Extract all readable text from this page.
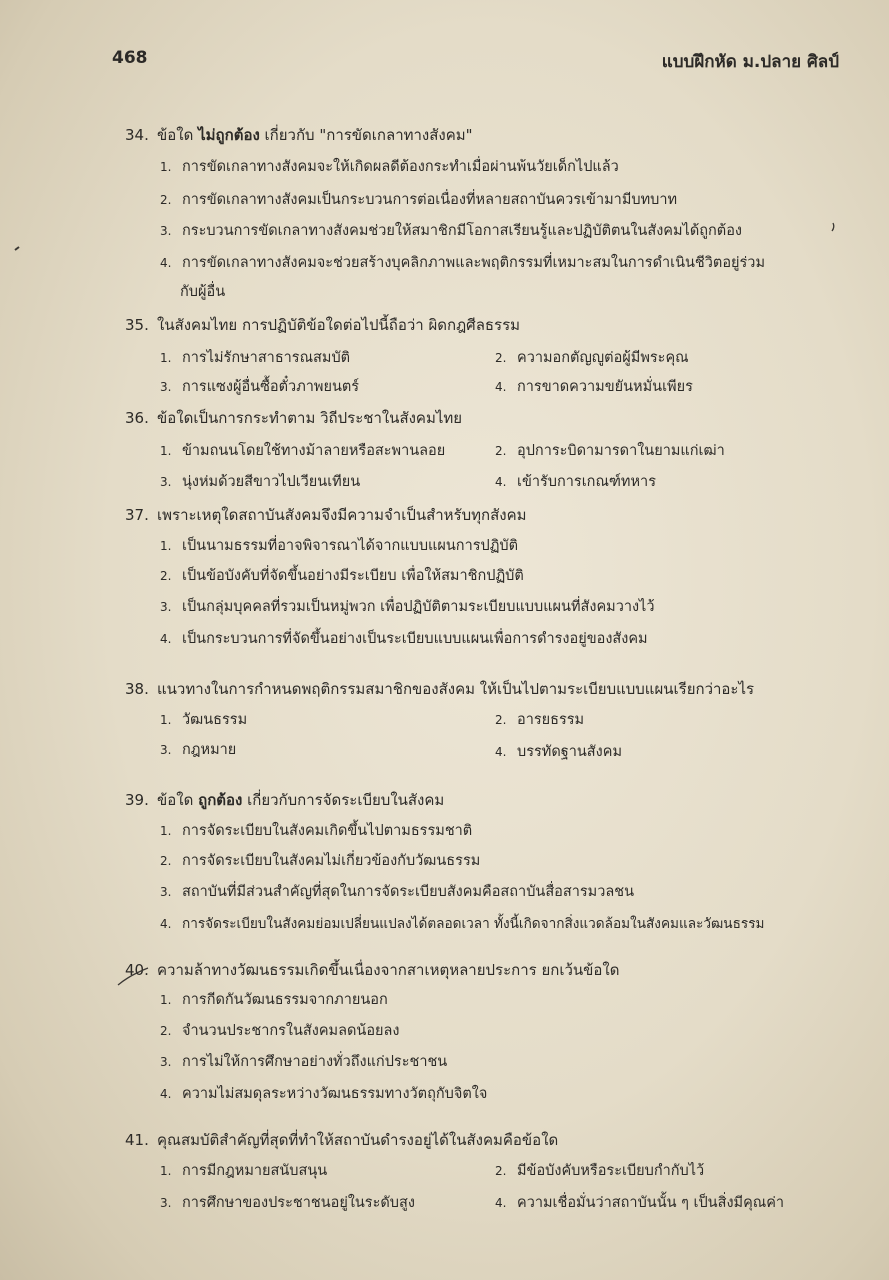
468	แบบฝึกหัด ม.ปลาย ศิลป์
34. ข้อใด ไม่ถูกต้อง เกี่ยวกับ "การขัดเกลาทางสังคม"
1. การขัดเกลาทางสังคมจะให้เกิดผลดีต้องกระทำเมื่อผ่านพ้นวัยเด็กไปแล้ว
2. การขัดเกลาทางสังคมเป็นกระบวนการต่อเนื่องที่หลายสถาบันควรเข้ามามีบทบาท
3. กระบวนการขัดเกลาทางสังคมช่วยให้สมาชิกมีโอกาสเรียนรู้และปฏิบัติตนในสังคมได้ถูกต้อง
4. การขัดเกลาทางสังคมจะช่วยสร้างบุคลิกภาพและพฤติกรรมที่เหมาะสมในการดำเนินชีวิตอยู่ร่วม
กับผู้อื่น
35. ในสังคมไทย การปฏิบัติข้อใดต่อไปนี้ถือว่า ผิดกฎศีลธรรม
1. การไม่รักษาสาธารณสมบัติ	2. ความอกตัญญูต่อผู้มีพระคุณ
3. การแซงผู้อื่นซื้อตั๋วภาพยนตร์	4. การขาดความขยันหมั่นเพียร
36. ข้อใดเป็นการกระทำตาม วิถีประชาในสังคมไทย
1. ข้ามถนนโดยใช้ทางม้าลายหรือสะพานลอย	2. อุปการะบิดามารดาในยามแก่เฒ่า
3. นุ่งห่มด้วยสีขาวไปเวียนเทียน	4. เข้ารับการเกณฑ์ทหาร
37. เพราะเหตุใดสถาบันสังคมจึงมีความจำเป็นสำหรับทุกสังคม
1. เป็นนามธรรมที่อาจพิจารณาได้จากแบบแผนการปฏิบัติ
2. เป็นข้อบังคับที่จัดขึ้นอย่างมีระเบียบ เพื่อให้สมาชิกปฏิบัติ
3. เป็นกลุ่มบุคคลที่รวมเป็นหมู่พวก เพื่อปฏิบัติตามระเบียบแบบแผนที่สังคมวางไว้
4. เป็นกระบวนการที่จัดขึ้นอย่างเป็นระเบียบแบบแผนเพื่อการดำรงอยู่ของสังคม
38. แนวทางในการกำหนดพฤติกรรมสมาชิกของสังคม ให้เป็นไปตามระเบียบแบบแผนเรียกว่าอะไร
1. วัฒนธรรม	2. อารยธรรม
3. กฎหมาย	4. บรรทัดฐานสังคม
39. ข้อใด ถูกต้อง เกี่ยวกับการจัดระเบียบในสังคม
1. การจัดระเบียบในสังคมเกิดขึ้นไปตามธรรมชาติ
2. การจัดระเบียบในสังคมไม่เกี่ยวข้องกับวัฒนธรรม
3. สถาบันที่มีส่วนสำคัญที่สุดในการจัดระเบียบสังคมคือสถาบันสื่อสารมวลชน
4. การจัดระเบียบในสังคมย่อมเปลี่ยนแปลงได้ตลอดเวลา ทั้งนี้เกิดจากสิ่งแวดล้อมในสังคมและวัฒนธรรม
40. ความล้าทางวัฒนธรรมเกิดขึ้นเนื่องจากสาเหตุหลายประการ ยกเว้นข้อใด
1. การกีดกันวัฒนธรรมจากภายนอก
2. จำนวนประชากรในสังคมลดน้อยลง
3. การไม่ให้การศึกษาอย่างทั่วถึงแก่ประชาชน
4. ความไม่สมดุลระหว่างวัฒนธรรมทางวัตถุกับจิตใจ
41. คุณสมบัติสำคัญที่สุดที่ทำให้สถาบันดำรงอยู่ได้ในสังคมคือข้อใด
1. การมีกฎหมายสนับสนุน	2. มีข้อบังคับหรือระเบียบกำกับไว้
3. การศึกษาของประชาชนอยู่ในระดับสูง	4. ความเชื่อมั่นว่าสถาบันนั้น ๆ เป็นสิ่งมีคุณค่า
